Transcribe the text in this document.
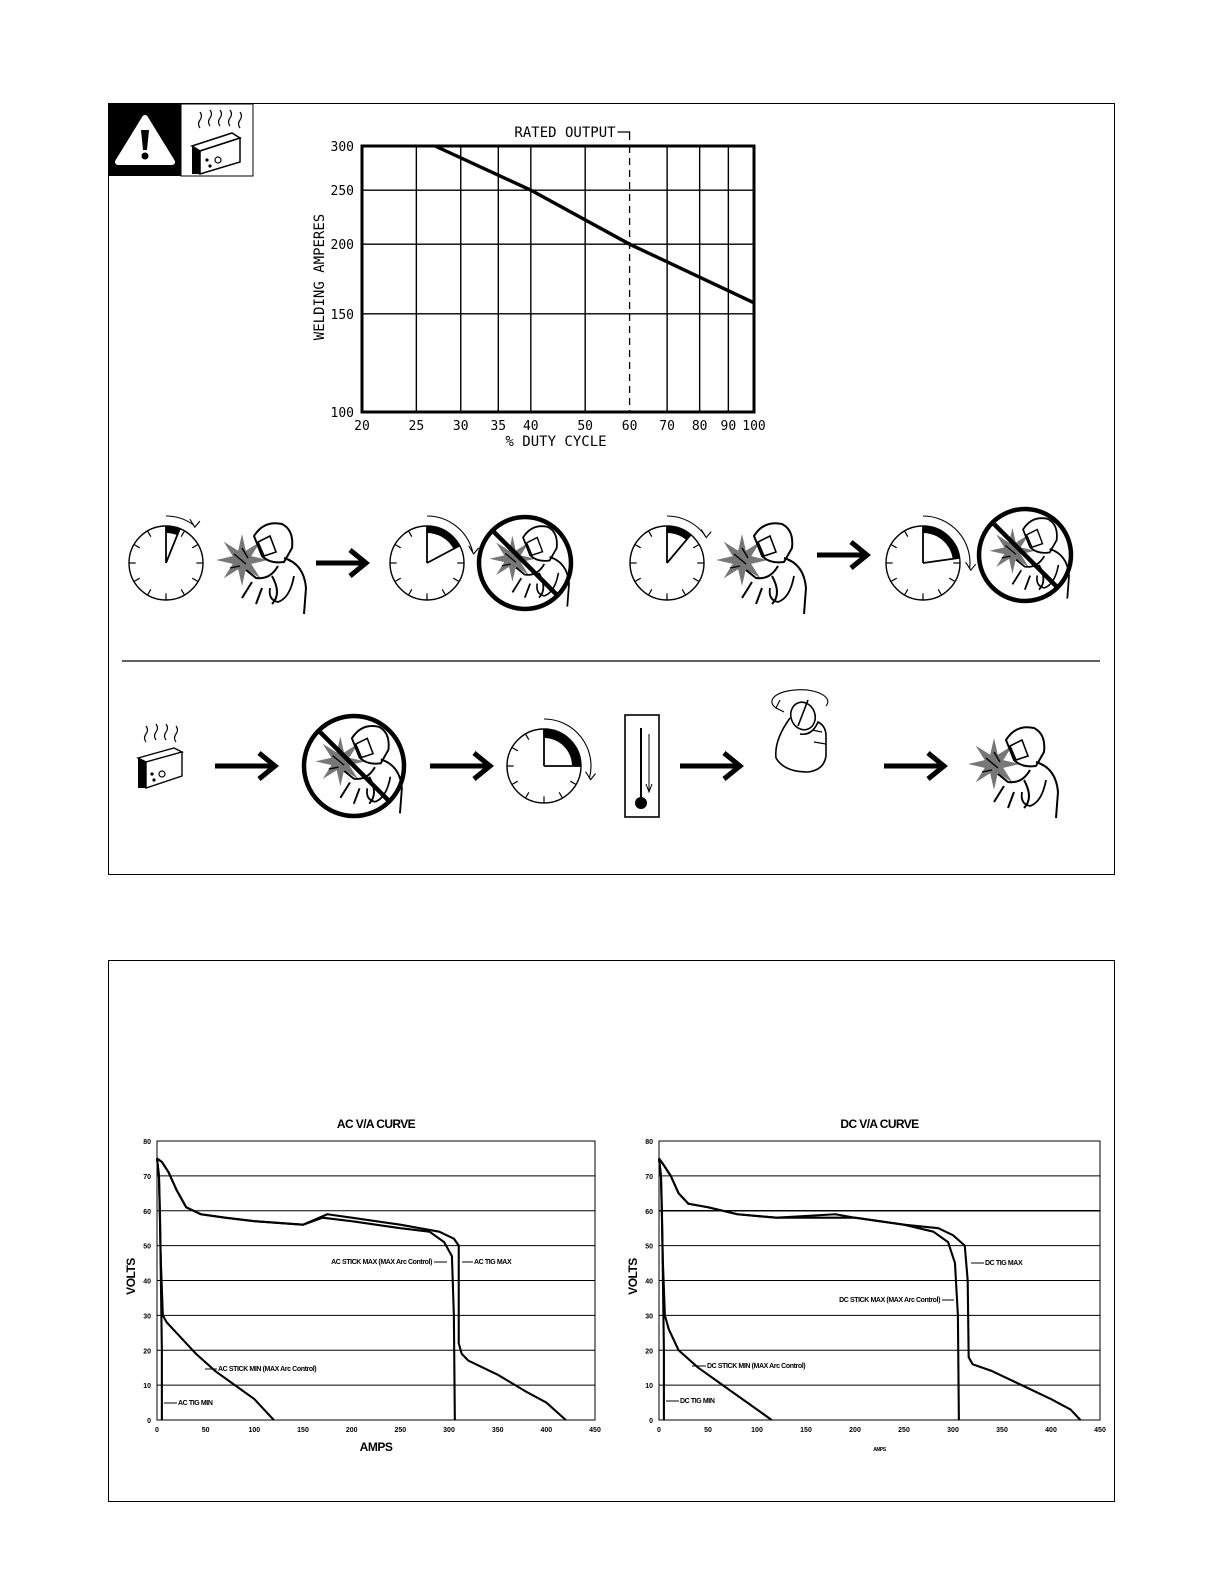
20	25 30 35 40	50 60 70 80 90 100
100
150
200
250
300
RATED OUTPUT
% DUTY CYCLE
WELDING AMPERES
AC V/A CURVE
0
10
20
30
40
50
60
70
80
0	50	100	150	200	250	300	350	400	450
AMPS
VOLTS	AC STICK MAX (MAX Arc Control)	AC TIG MAX
AC STICK MIN (MAX Arc Control)
AC TIG MIN
DC V/A CURVE
0
10
20
30
40
50
60
70
80
0	50	100	150	200	250	300	350	400	450
AMPS
VOLTS	DC TIG MAX
DC STICK MAX (MAX Arc Control)
DC STICK MIN (MAX Arc Control)
DC TIG MIN
